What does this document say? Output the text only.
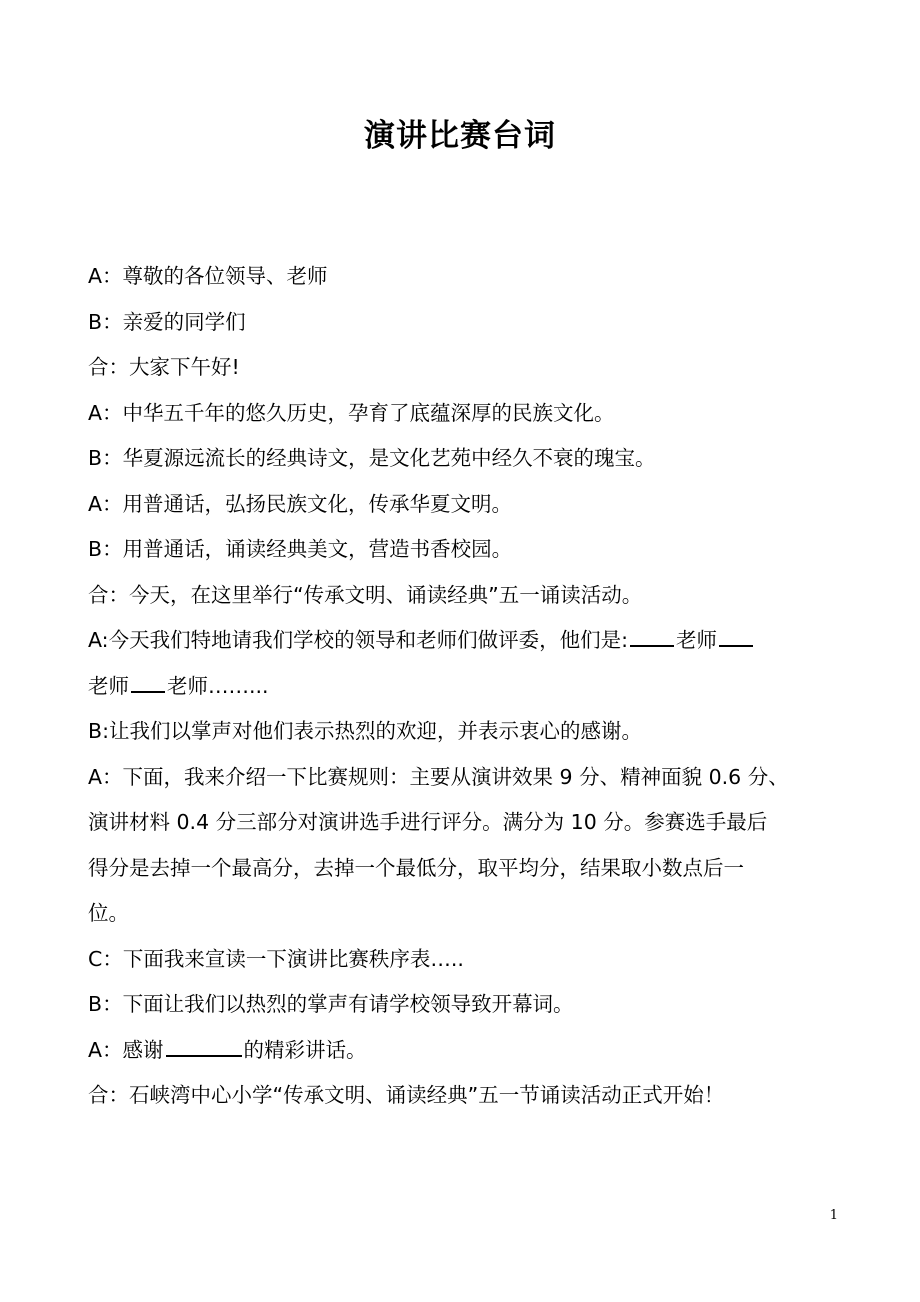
演讲比赛台词
A：尊敬的各位领导、老师
B：亲爱的同学们
合：大家下午好!
A：中华五千年的悠久历史，孕育了底蕴深厚的民族文化。
B：华夏源远流长的经典诗文，是文化艺苑中经久不衰的瑰宝。
A：用普通话，弘扬民族文化，传承华夏文明。
B：用普通话，诵读经典美文，营造书香校园。
合：今天，在这里举行“传承文明、诵读经典”五一诵读活动。
A:今天我们特地请我们学校的领导和老师们做评委，他们是: 老师
老师 老师……...
B:让我们以掌声对他们表示热烈的欢迎，并表示衷心的感谢。
A：下面，我来介绍一下比赛规则：主要从演讲效果 9 分、精神面貌 0.6 分、
演讲材料 0.4 分三部分对演讲选手进行评分。满分为 10 分。参赛选手最后
得分是去掉一个最高分，去掉一个最低分，取平均分，结果取小数点后一
位。
C：下面我来宣读一下演讲比赛秩序表…..
B：下面让我们以热烈的掌声有请学校领导致开幕词。
A：感谢	的精彩讲话。
合：石峡湾中心小学“传承文明、诵读经典”五一节诵读活动正式开始！
1
